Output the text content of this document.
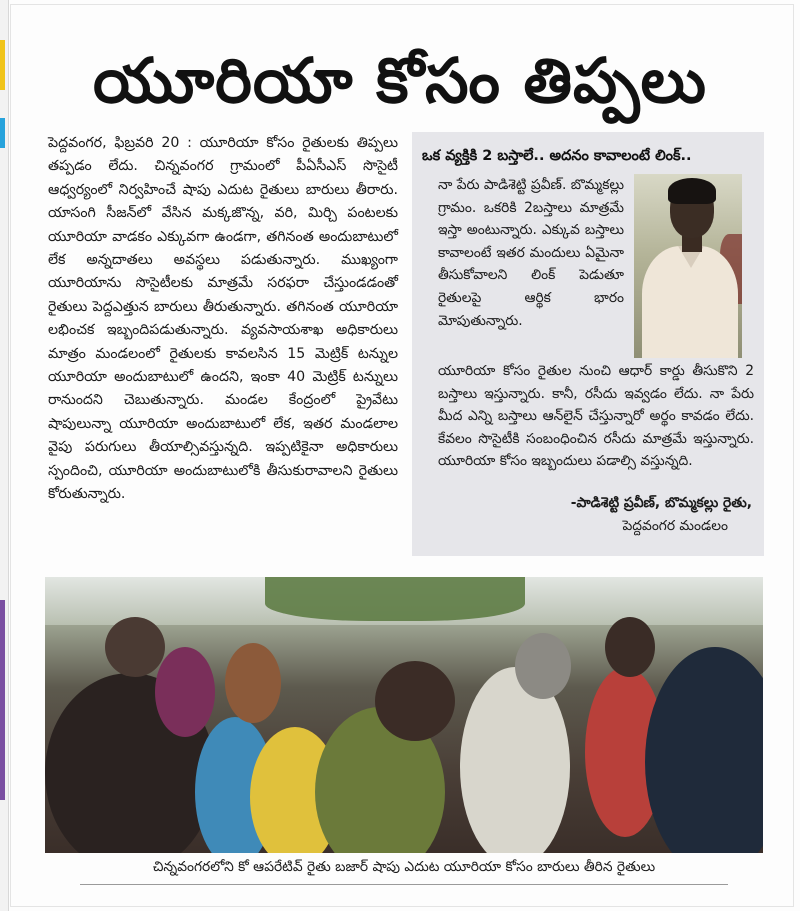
యూరియా కోసం తిప్పలు

పెద్దవంగర, ఫిబ్రవరి 20 : యూరియా కోసం రైతులకు తిప్పలు తప్పడం లేదు. చిన్నవంగర గ్రామంలో పీఏసీఎస్ సొసైటీ ఆధ్వర్యంలో నిర్వహించే షాపు ఎదుట రైతులు బారులు తీరారు. యాసంగి సీజన్‌లో వేసిన మక్కజొన్న, వరి, మిర్చి పంటలకు యూరియా వాడకం ఎక్కువగా ఉండగా, తగినంత అందుబాటులో లేక అన్నదాతలు అవస్థలు పడుతున్నారు. ముఖ్యంగా యూరియాను సొసైటీలకు మాత్రమే సరఫరా చేస్తుండడంతో రైతులు పెద్దఎత్తున బారులు తీరుతున్నారు. తగినంత యూరియా లభించక ఇబ్బందిపడుతున్నారు. వ్యవసాయశాఖ అధికారులు మాత్రం మండలంలో రైతులకు కావలసిన 15 మెట్రిక్ టన్నుల యూరియా అందుబాటులో ఉందని, ఇంకా 40 మెట్రిక్ టన్నులు రానుందని చెబుతున్నారు. మండల కేంద్రంలో ప్రైవేటు షాపులున్నా యూరియా అందుబాటులో లేక, ఇతర మండలాల వైపు పరుగులు తీయాల్సివస్తున్నది. ఇప్పటికైనా అధికారులు స్పందించి, యూరియా అందుబాటులోకి తీసుకురావాలని రైతులు కోరుతున్నారు.

ఒక వ్యక్తికి 2 బస్తాలే.. అదనం కావాలంటే లింక్..
నా పేరు పాడిశెట్టి ప్రవీణ్. బొమ్మకల్లు గ్రామం. ఒకరికి 2బస్తాలు మాత్రమే ఇస్తా అంటున్నారు. ఎక్కువ బస్తాలు కావాలంటే ఇతర మందులు ఏమైనా తీసుకోవాలని లింక్ పెడుతూ రైతులపై ఆర్థిక భారం మోపుతున్నారు.
యూరియా కోసం రైతుల నుంచి ఆధార్ కార్డు తీసుకొని 2 బస్తాలు ఇస్తున్నారు. కానీ, రసీదు ఇవ్వడం లేదు. నా పేరు మీద ఎన్ని బస్తాలు ఆన్‌లైన్ చేస్తున్నారో అర్థం కావడం లేదు. కేవలం సొసైటీకి సంబంధించిన రసీదు మాత్రమే ఇస్తున్నారు. యూరియా కోసం ఇబ్బందులు పడాల్సి వస్తున్నది.
-పాడిశెట్టి ప్రవీణ్, బొమ్మకల్లు రైతు,
పెద్దవంగర మండలం
చిన్నవంగరలోని కో ఆపరేటివ్ రైతు బజార్ షాపు ఎదుట యూరియా కోసం బారులు తీరిన రైతులు
